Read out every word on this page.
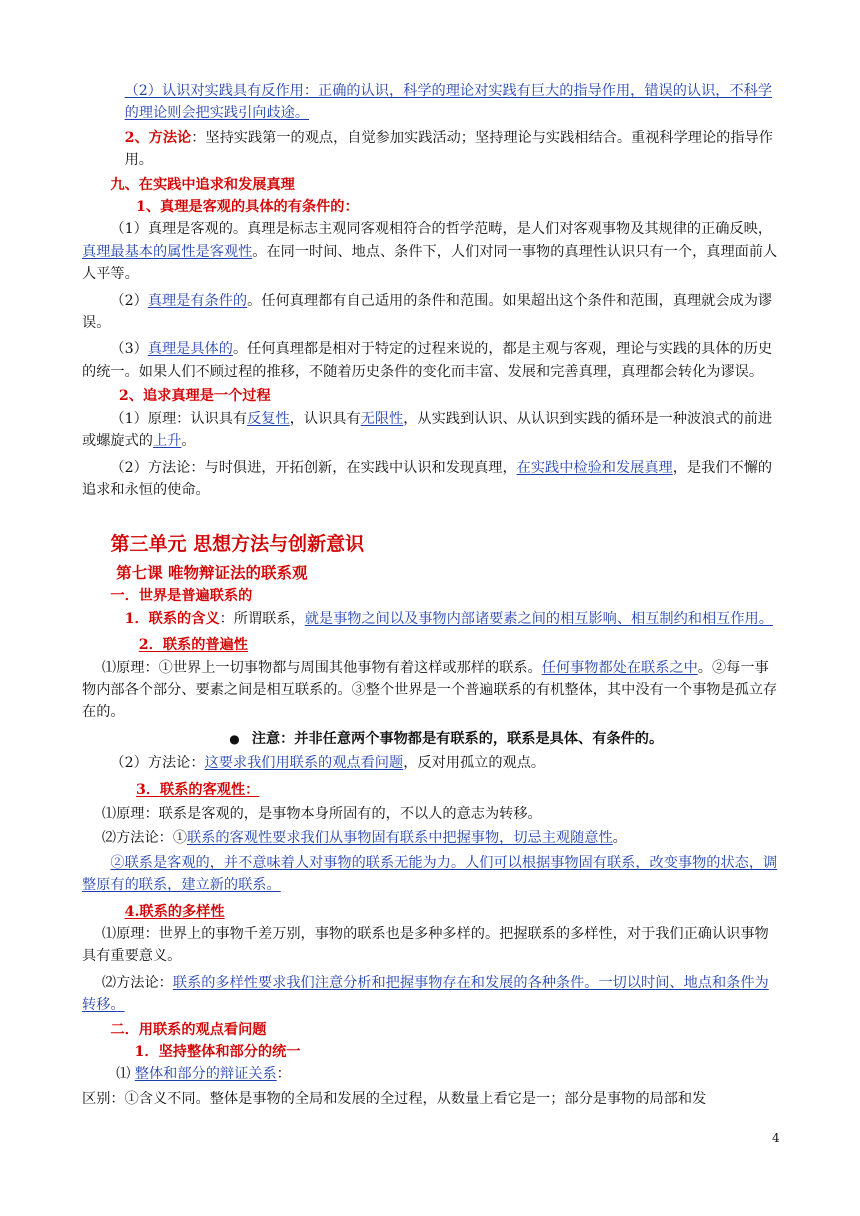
（2）认识对实践具有反作用：正确的认识，科学的理论对实践有巨大的指导作用，错误的认识，不科学的理论则会把实践引向歧途。

2、方法论：坚持实践第一的观点，自觉参加实践活动；坚持理论与实践相结合。重视科学理论的指导作用。

九、在实践中追求和发展真理

1、真理是客观的具体的有条件的：

（1）真理是客观的。真理是标志主观同客观相符合的哲学范畴，是人们对客观事物及其规律的正确反映，真理最基本的属性是客观性。在同一时间、地点、条件下，人们对同一事物的真理性认识只有一个，真理面前人人平等。

（2）真理是有条件的。任何真理都有自己适用的条件和范围。如果超出这个条件和范围，真理就会成为谬误。

（3）真理是具体的。任何真理都是相对于特定的过程来说的，都是主观与客观，理论与实践的具体的历史的统一。如果人们不顾过程的推移，不随着历史条件的变化而丰富、发展和完善真理，真理都会转化为谬误。

2、追求真理是一个过程

（1）原理：认识具有反复性，认识具有无限性，从实践到认识、从认识到实践的循环是一种波浪式的前进或螺旋式的上升。

（2）方法论：与时俱进，开拓创新，在实践中认识和发现真理，在实践中检验和发展真理，是我们不懈的追求和永恒的使命。

第三单元 思想方法与创新意识

第七课 唯物辩证法的联系观

一．世界是普遍联系的

1．联系的含义：所谓联系，就是事物之间以及事物内部诸要素之间的相互影响、相互制约和相互作用。

2．联系的普遍性

⑴原理：①世界上一切事物都与周围其他事物有着这样或那样的联系。任何事物都处在联系之中。②每一事物内部各个部分、要素之间是相互联系的。③整个世界是一个普遍联系的有机整体，其中没有一个事物是孤立存在的。

● 注意：并非任意两个事物都是有联系的，联系是具体、有条件的。

（2）方法论：这要求我们用联系的观点看问题，反对用孤立的观点。

3．联系的客观性：

⑴原理：联系是客观的，是事物本身所固有的，不以人的意志为转移。

⑵方法论：①联系的客观性要求我们从事物固有联系中把握事物，切忌主观随意性。

②联系是客观的，并不意味着人对事物的联系无能为力。人们可以根据事物固有联系，改变事物的状态，调整原有的联系，建立新的联系。

4.联系的多样性

⑴原理：世界上的事物千差万别，事物的联系也是多种多样的。把握联系的多样性，对于我们正确认识事物具有重要意义。

⑵方法论：联系的多样性要求我们注意分析和把握事物存在和发展的各种条件。一切以时间、地点和条件为转移。

二．用联系的观点看问题

1．坚持整体和部分的统一

⑴ 整体和部分的辩证关系：

区别：①含义不同。整体是事物的全局和发展的全过程，从数量上看它是一；部分是事物的局部和发

4
